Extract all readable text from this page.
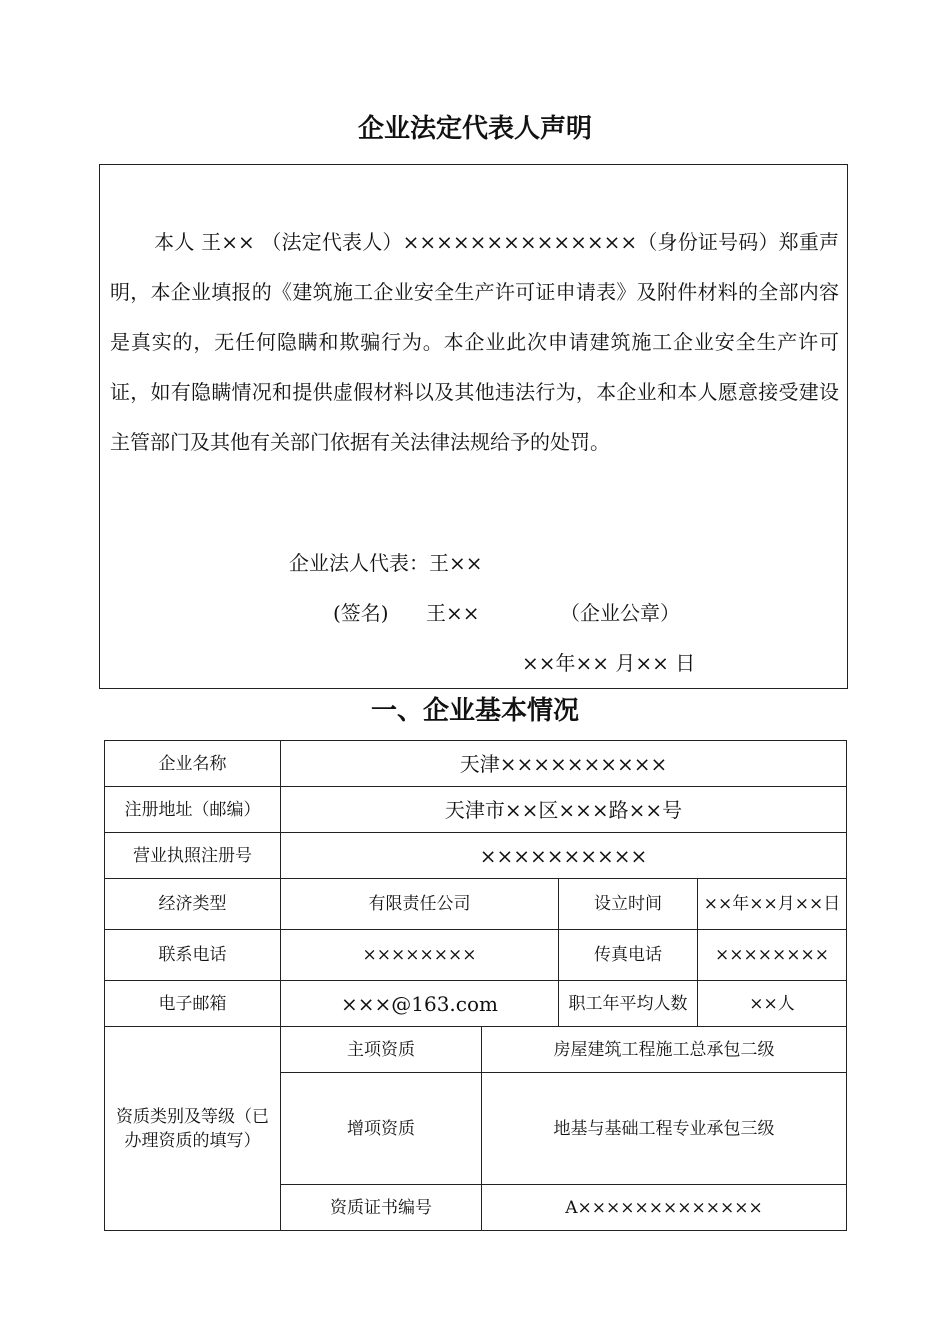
企业法定代表人声明
本人 王×× （法定代表人）××××××××××××××（身份证号码）郑重声明，本企业填报的《建筑施工企业安全生产许可证申请表》及附件材料的全部内容是真实的，无任何隐瞒和欺骗行为。本企业此次申请建筑施工企业安全生产许可证，如有隐瞒情况和提供虚假材料以及其他违法行为，本企业和本人愿意接受建设主管部门及其他有关部门依据有关法律法规给予的处罚。
企业法人代表：王××
(签名) 王××	（企业公章）
××年×× 月×× 日
一、企业基本情况
企业名称	天津××××××××××			
注册地址（邮编）	天津市××区×××路××号			
营业执照注册号	××××××××××			
经济类型	有限责任公司		设立时间	××年××月××日
联系电话	××××××××		传真电话	××××××××
电子邮箱	×××@163.com		职工年平均人数	××人
资质类别及等级（已办理资质的填写）	主项资质	房屋建筑工程施工总承包二级		
	增项资质	地基与基础工程专业承包三级		
	资质证书编号	A×××××××××××××		
